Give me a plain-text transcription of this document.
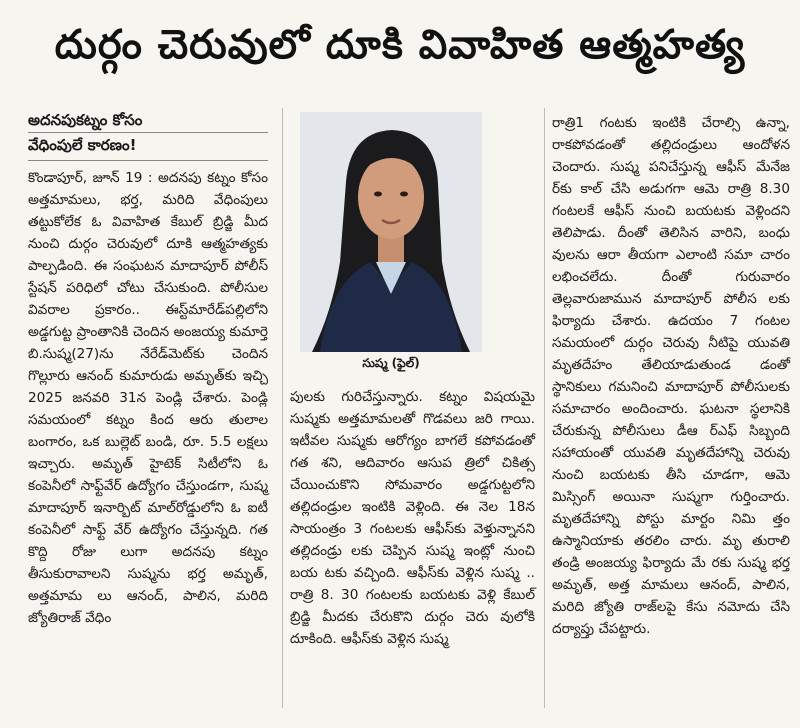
దుర్గం చెరువులో దూకి వివాహిత ఆత్మహత్య
అదనపుకట్నం కోసం
వేధింపులే కారణం!

కొండాపూర్, జూన్ 19 : అదనపు కట్నం కోసం అత్తమామలు, భర్త, మరిది వేధింపులు తట్టుకోలేక ఓ వివాహిత కేబుల్ బ్రిడ్జి మీద నుంచి దుర్గం చెరువులో దూకి ఆత్మహత్యకు పాల్పడింది. ఈ సంఘటన మాదాపూర్ పోలీస్ స్టేషన్ పరిధిలో చోటు చేసుకుంది. పోలీసుల వివరాల ప్రకారం.. ఈస్ట్‌మారేడ్‌పల్లిలోని అడ్డగుట్ట ప్రాంతానికి చెందిన అంజయ్య కుమార్తె బి.సుష్మ(27)ను నేరేడ్‌మెట్‌కు చెందిన గొల్లూరు ఆనంద్ కుమారుడు అమృత్‌కు ఇచ్చి 2025 జనవరి 31న పెండ్లి చేశారు. పెండ్లి సమయంలో కట్నం కింద ఆరు తులాల బంగారం, ఒక బుల్లెట్ బండి, రూ. 5.5 లక్షలు ఇచ్చారు. అమృత్ హైటెక్ సిటీలోని ఓ కంపెనీలో సాఫ్ట్‌వేర్ ఉద్యోగం చేస్తుండగా, సుష్మ మాదాపూర్ ఇనార్బిట్ మాల్‌రోడ్డులోని ఓ ఐటీ కంపెనీలో సాఫ్ట్ వేర్ ఉద్యోగం చేస్తున్నది. గత కొద్ది రోజు లుగా అదనపు కట్నం తీసుకురావాలని సుష్మను భర్త అమృత్, అత్తమామ లు ఆనంద్, పాలిన, మరిది జ్యోతిరాజ్ వేధిం

సుష్మ (ఫైల్)

పులకు గురిచేస్తున్నారు. కట్నం విషయమై సుష్మకు అత్తమామలతో గొడవలు జరి గాయి. ఇటీవల సుష్మకు ఆరోగ్యం బాగలే కపోవడంతో గత శని, ఆదివారం ఆసుప త్రిలో చికిత్స చేయించుకొని సోమవారం అడ్డగుట్టలోని తల్లిదండ్రుల ఇంటికి వెళ్లింది. ఈ నెల 18న సాయంత్రం 3 గంటలకు ఆఫీస్‌కు వెళ్తున్నానని తల్లిదండ్రు లకు చెప్పిన సుష్మ ఇంట్లో నుంచి బయ టకు వచ్చింది. ఆఫీస్‌కు వెళ్లిన సుష్మ .. రాత్రి 8. 30 గంటలకు బయటకు వెళ్లి కేబుల్ బ్రిడ్జి మీదకు చేరుకొని దుర్గం చెరు వులోకి దూకింది. ఆఫీస్‌కు వెళ్లిన సుష్మ

రాత్రి1 గంటకు ఇంటికి చేరాల్సి ఉన్నా, రాకపోవడంతో తల్లిదండ్రులు ఆందోళన చెందారు. సుష్మ పనిచేస్తున్న ఆఫీస్ మేనేజ ర్‌కు కాల్ చేసి అడుగగా ఆమె రాత్రి 8.30 గంటలకే ఆఫీస్ నుంచి బయటకు వెళ్లిందని తెలిపాడు. దీంతో తెలిసిన వారిని, బంధు వులను ఆరా తీయగా ఎలాంటి సమా చారం లభించలేదు. దీంతో గురువారం తెల్లవారుజామున మాదాపూర్ పోలీస లకు ఫిర్యాదు చేశారు. ఉదయం 7 గంటల సమయంలో దుర్గం చెరువు నీటిపై యువతి మృతదేహం తేలియాడుతుండ డంతో స్థానికులు గమనించి మాదాపూర్ పోలీసులకు సమాచారం అందించారు. ఘటనా స్థలానికి చేరుకున్న పోలీసులు డీఆ ర్ఎఫ్ సిబ్బంది సహాయంతో యువతి మృతదేహాన్ని చెరువు నుంచి బయటకు తీసి చూడగా, ఆమె మిస్సింగ్ అయినా సుష్మగా గుర్తించారు. మృతదేహాన్ని పోస్టు మార్టం నిమి త్తం ఉస్మానియాకు తరలిం చారు. మృ తురాలి తండ్రి అంజయ్య ఫిర్యాదు మే రకు సుష్మ భర్త అమృత్, అత్త మామలు ఆనంద్, పాలిన, మరిది జ్యోతి రాజ్‌లపై కేసు నమోదు చేసి దర్యాప్తు చేపట్టారు.
